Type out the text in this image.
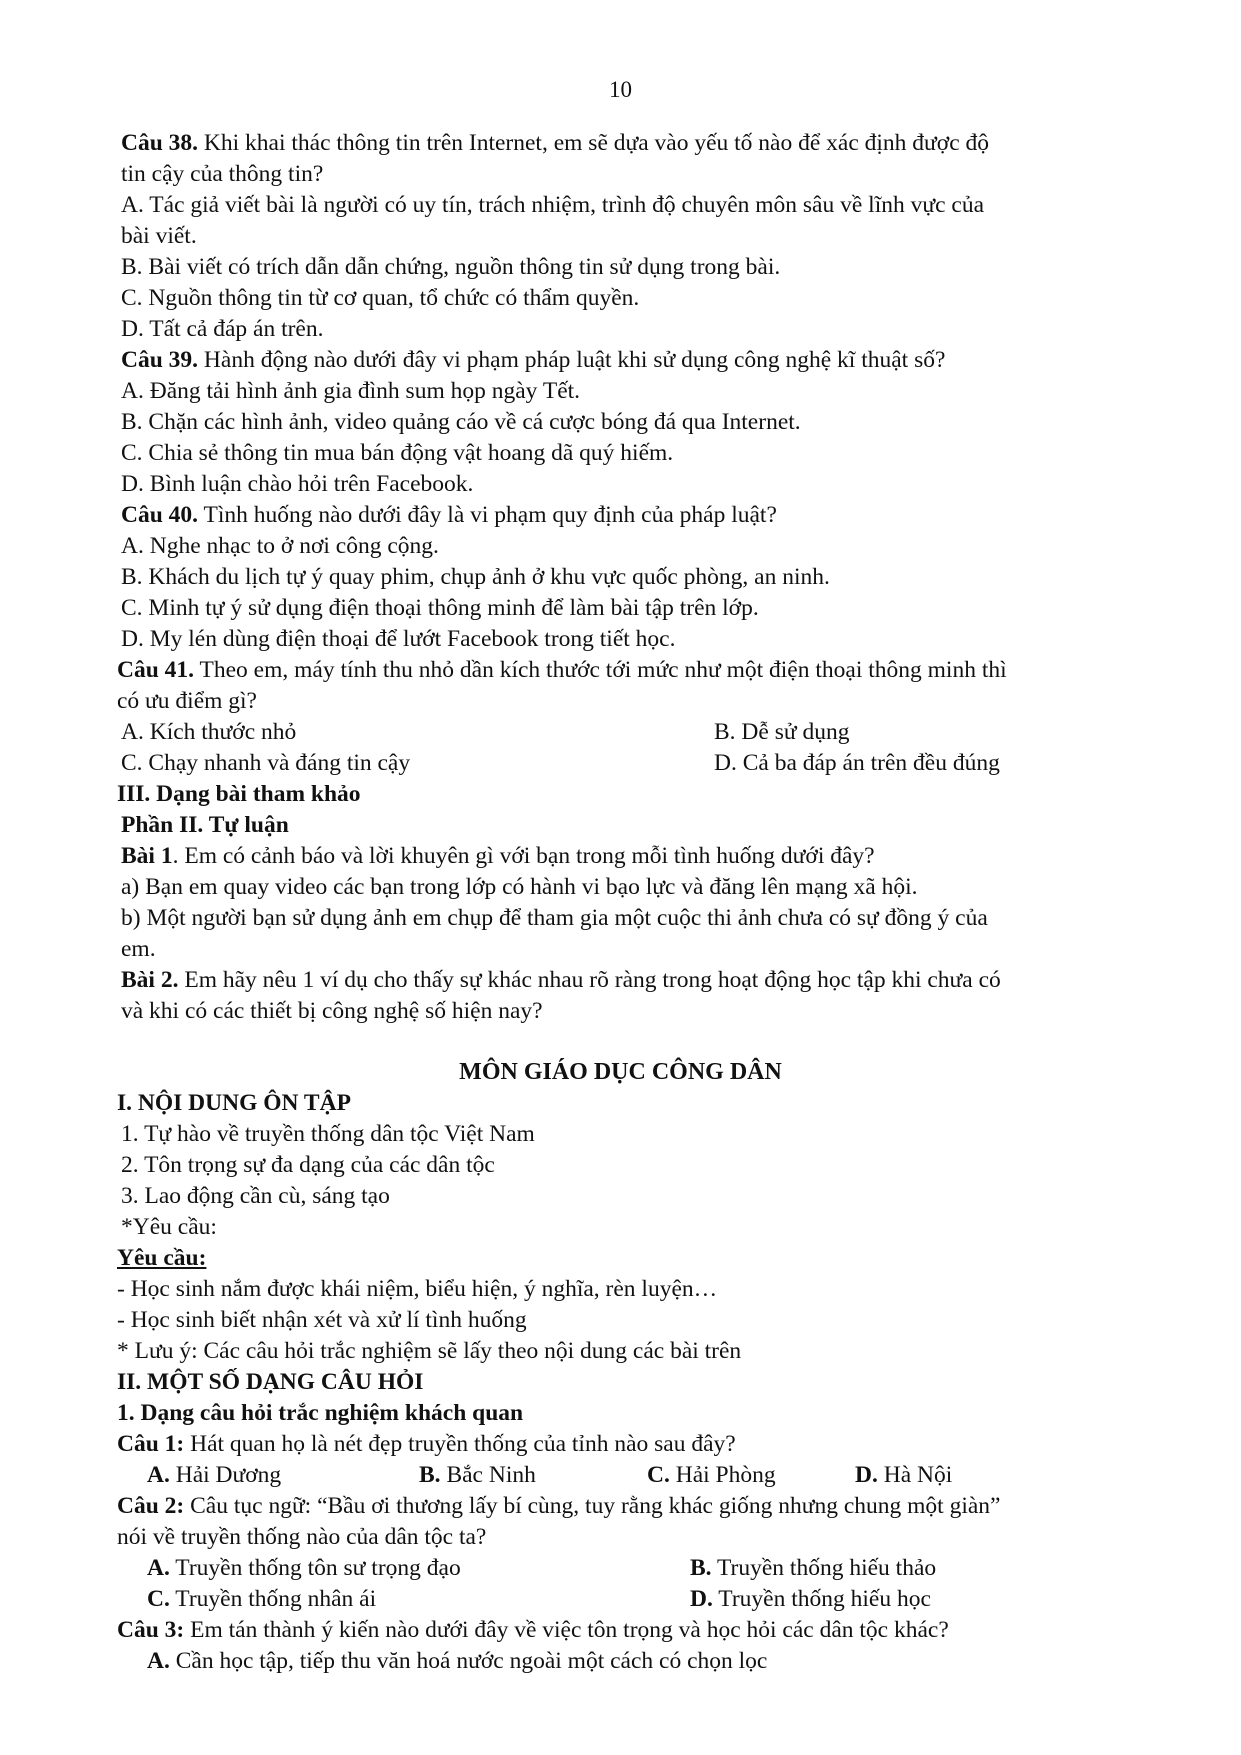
10
Câu 38. Khi khai thác thông tin trên Internet, em sẽ dựa vào yếu tố nào để xác định được độ
tin cậy của thông tin?
A. Tác giả viết bài là người có uy tín, trách nhiệm, trình độ chuyên môn sâu về lĩnh vực của
bài viết.
B. Bài viết có trích dẫn dẫn chứng, nguồn thông tin sử dụng trong bài.
C. Nguồn thông tin từ cơ quan, tổ chức có thẩm quyền.
D. Tất cả đáp án trên.
Câu 39. Hành động nào dưới đây vi phạm pháp luật khi sử dụng công nghệ kĩ thuật số?
A. Đăng tải hình ảnh gia đình sum họp ngày Tết.
B. Chặn các hình ảnh, video quảng cáo về cá cược bóng đá qua Internet.
C. Chia sẻ thông tin mua bán động vật hoang dã quý hiếm.
D. Bình luận chào hỏi trên Facebook.
Câu 40. Tình huống nào dưới đây là vi phạm quy định của pháp luật?
A. Nghe nhạc to ở nơi công cộng.
B. Khách du lịch tự ý quay phim, chụp ảnh ở khu vực quốc phòng, an ninh.
C. Minh tự ý sử dụng điện thoại thông minh để làm bài tập trên lớp.
D. My lén dùng điện thoại để lướt Facebook trong tiết học.
Câu 41. Theo em, máy tính thu nhỏ dần kích thước tới mức như một điện thoại thông minh thì
có ưu điểm gì?
A. Kích thước nhỏ	B. Dễ sử dụng
C. Chạy nhanh và đáng tin cậy	D. Cả ba đáp án trên đều đúng
III. Dạng bài tham khảo
Phần II. Tự luận
Bài 1. Em có cảnh báo và lời khuyên gì với bạn trong mỗi tình huống dưới đây?
a) Bạn em quay video các bạn trong lớp có hành vi bạo lực và đăng lên mạng xã hội.
b) Một người bạn sử dụng ảnh em chụp để tham gia một cuộc thi ảnh chưa có sự đồng ý của
em.
Bài 2. Em hãy nêu 1 ví dụ cho thấy sự khác nhau rõ ràng trong hoạt động học tập khi chưa có
và khi có các thiết bị công nghệ số hiện nay?
MÔN GIÁO DỤC CÔNG DÂN
I. NỘI DUNG ÔN TẬP
1. Tự hào về truyền thống dân tộc Việt Nam
2. Tôn trọng sự đa dạng của các dân tộc
3. Lao động cần cù, sáng tạo
*Yêu cầu:
Yêu cầu:
- Học sinh nắm được khái niệm, biểu hiện, ý nghĩa, rèn luyện…
- Học sinh biết nhận xét và xử lí tình huống
* Lưu ý: Các câu hỏi trắc nghiệm sẽ lấy theo nội dung các bài trên
II. MỘT SỐ DẠNG CÂU HỎI
1. Dạng câu hỏi trắc nghiệm khách quan
Câu 1: Hát quan họ là nét đẹp truyền thống của tỉnh nào sau đây?
A. Hải Dương	B. Bắc Ninh	C. Hải Phòng	D. Hà Nội
Câu 2: Câu tục ngữ: “Bầu ơi thương lấy bí cùng, tuy rằng khác giống nhưng chung một giàn”
nói về truyền thống nào của dân tộc ta?
A. Truyền thống tôn sư trọng đạo	B. Truyền thống hiếu thảo
C. Truyền thống nhân ái	D. Truyền thống hiếu học
Câu 3: Em tán thành ý kiến nào dưới đây về việc tôn trọng và học hỏi các dân tộc khác?
A. Cần học tập, tiếp thu văn hoá nước ngoài một cách có chọn lọc
